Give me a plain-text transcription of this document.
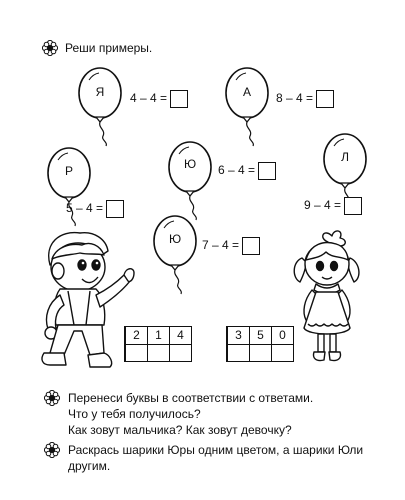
Реши примеры.
Я	4 – 4 =	А	8 – 4 =
Ю	6 – 4 =
Р
5 – 4 =
Л
9 – 4 =
Ю	7 – 4 =
2	1	4	3	5	0
Перенеси буквы в соответствии с ответами.
Что у тебя получилось?
Как зовут мальчика? Как зовут девочку?
Раскрась шарики Юры одним цветом, а шарики Юли
другим.
